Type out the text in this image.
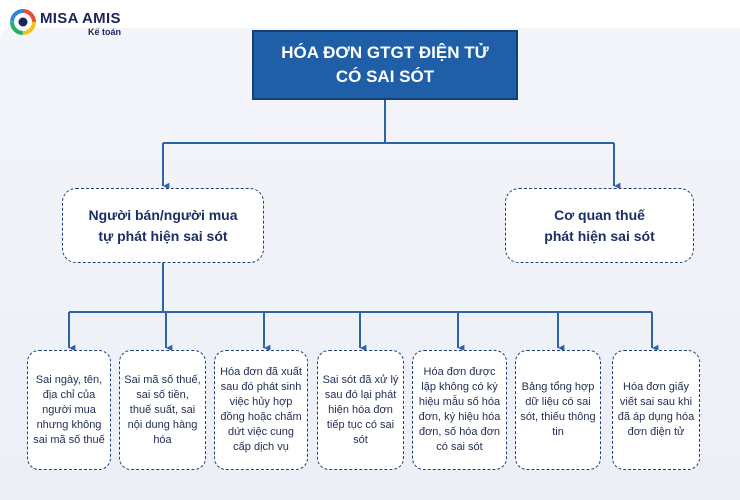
MISA AMIS
Kế toán
HÓA ĐƠN GTGT ĐIỆN TỬ
CÓ SAI SÓT
Người bán/người mua
tự phát hiện sai sót
Cơ quan thuế
phát hiện sai sót
Sai ngày, tên, địa chỉ của người mua nhưng không sai mã số thuế
Sai mã số thuế, sai số tiền, thuế suất, sai nội dung hàng hóa
Hóa đơn đã xuất sau đó phát sinh việc hủy hợp đồng hoặc chấm dứt việc cung cấp dịch vụ
Sai sót đã xử lý sau đó lại phát hiện hóa đơn tiếp tục có sai sót
Hóa đơn được lập không có ký hiệu mẫu số hóa đơn, ký hiệu hóa đơn, số hóa đơn có sai sót
Bảng tổng hợp dữ liệu có sai sót, thiếu thông tin
Hóa đơn giấy viết sai sau khi đã áp dụng hóa đơn điện tử
